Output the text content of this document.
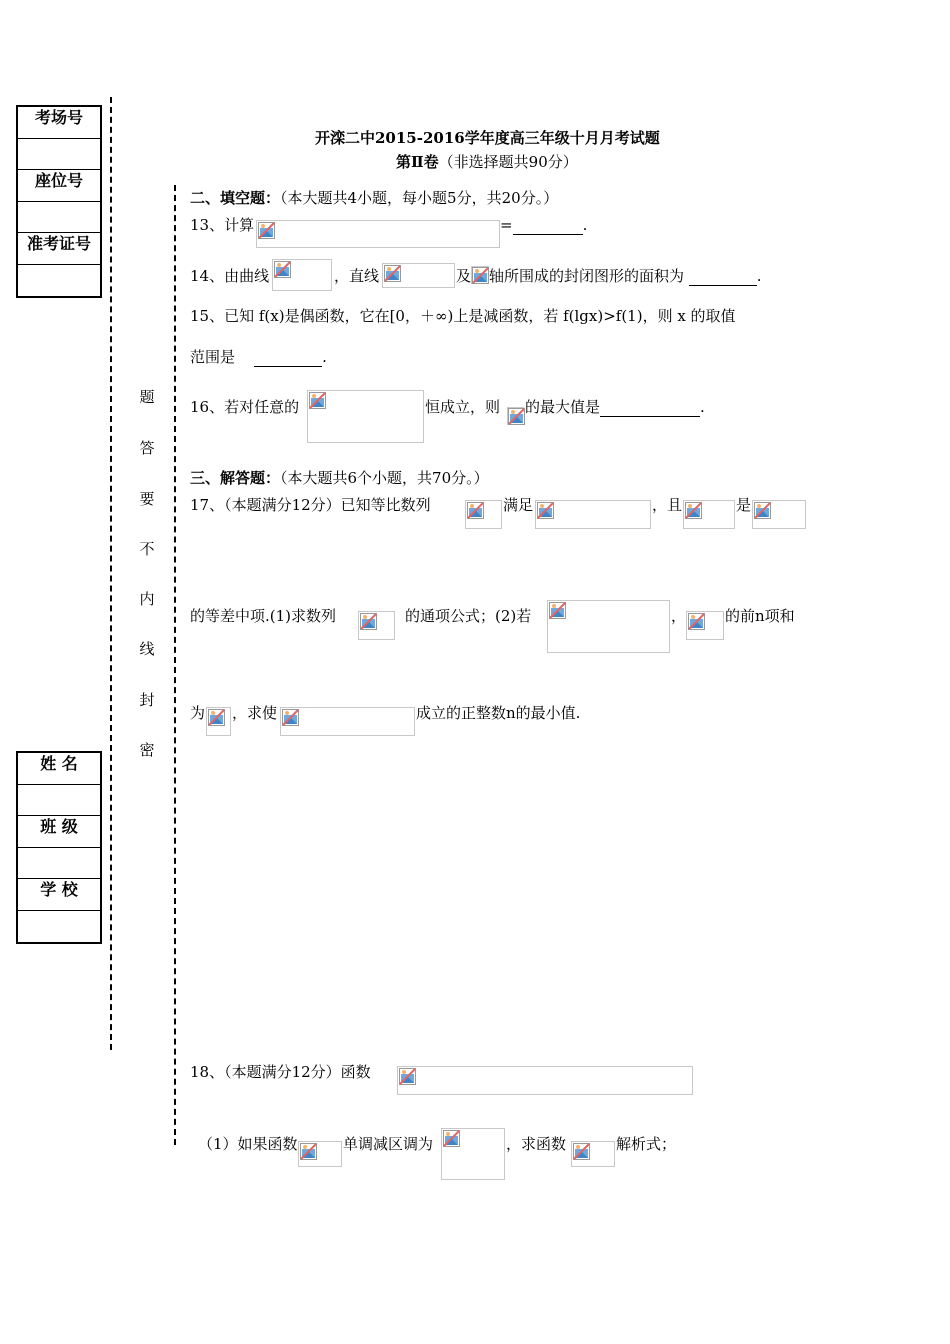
考场号
座位号
准考证号
姓 名
班 级
学 校
题
答
要
不
内
线
封
密
开滦二中2015-2016学年度高三年级十月月考试题
第Ⅱ卷（非选择题共90分）
二、填空题：（本大题共4小题，每小题5分，共20分。）
13、计算	=	.
14、由曲线	，直线	及 轴所围成的封闭图形的面积为	.
15、已知 f(x)是偶函数，它在[0，＋∞)上是减函数，若 f(lgx)>f(1)，则 x 的取值
范围是	.
16、若对任意的	恒成立，则 的最大值是	.
三、解答题：（本大题共6个小题，共70分。）
17、（本题满分12分）已知等比数列	满足	，且	是
的等差中项.(1)求数列	的通项公式；(2)若	，	的前n项和
为 ，求使	成立的正整数n的最小值.
18、（本题满分12分）函数
（1）如果函数	单调减区调为	，求函数	解析式；
